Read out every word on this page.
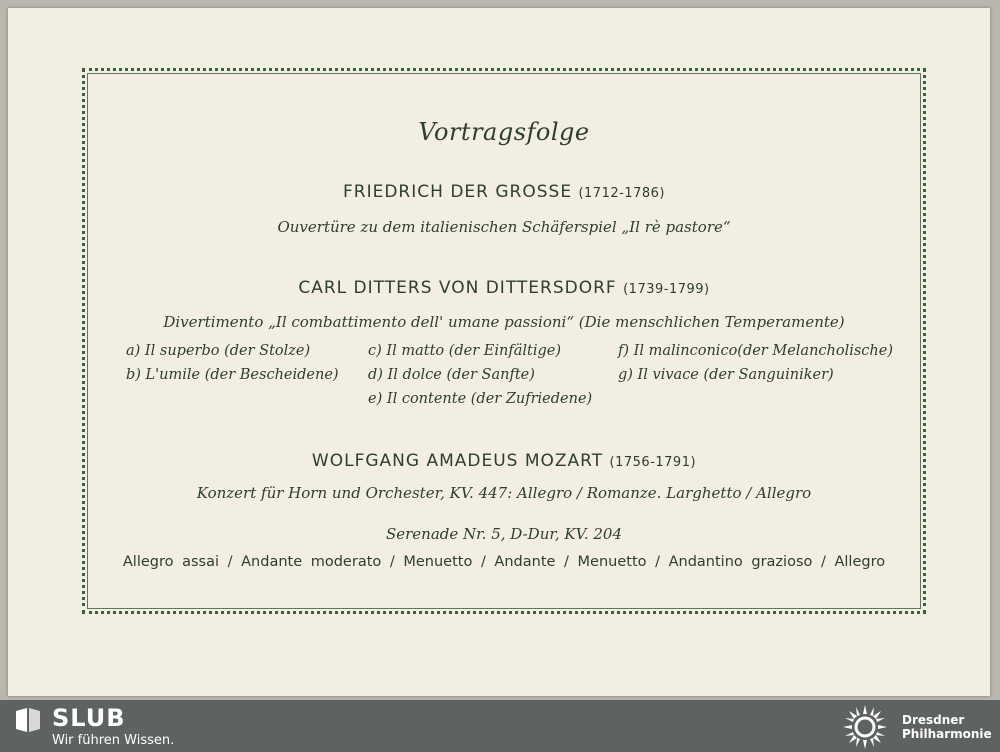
Vortragsfolge
FRIEDRICH DER GROSSE (1712-1786)
Ouvertüre zu dem italienischen Schäferspiel „Il rè pastore“
CARL DITTERS VON DITTERSDORF (1739-1799)
Divertimento „Il combattimento dell' umane passioni“ (Die menschlichen Temperamente)
a) Il superbo (der Stolze)
b) L'umile (der Bescheidene)
c) Il matto (der Einfältige)
d) Il dolce (der Sanfte)
e) Il contente (der Zufriedene)
f) Il malinconico(der Melancholische)
g) Il vivace (der Sanguiniker)
WOLFGANG AMADEUS MOZART (1756-1791)
Konzert für Horn und Orchester, KV. 447: Allegro / Romanze. Larghetto / Allegro
Serenade Nr. 5, D-Dur, KV. 204
Allegro assai / Andante moderato / Menuetto / Andante / Menuetto / Andantino grazioso / Allegro
SLUB
Wir führen Wissen.
Dresdner
Philharmonie
